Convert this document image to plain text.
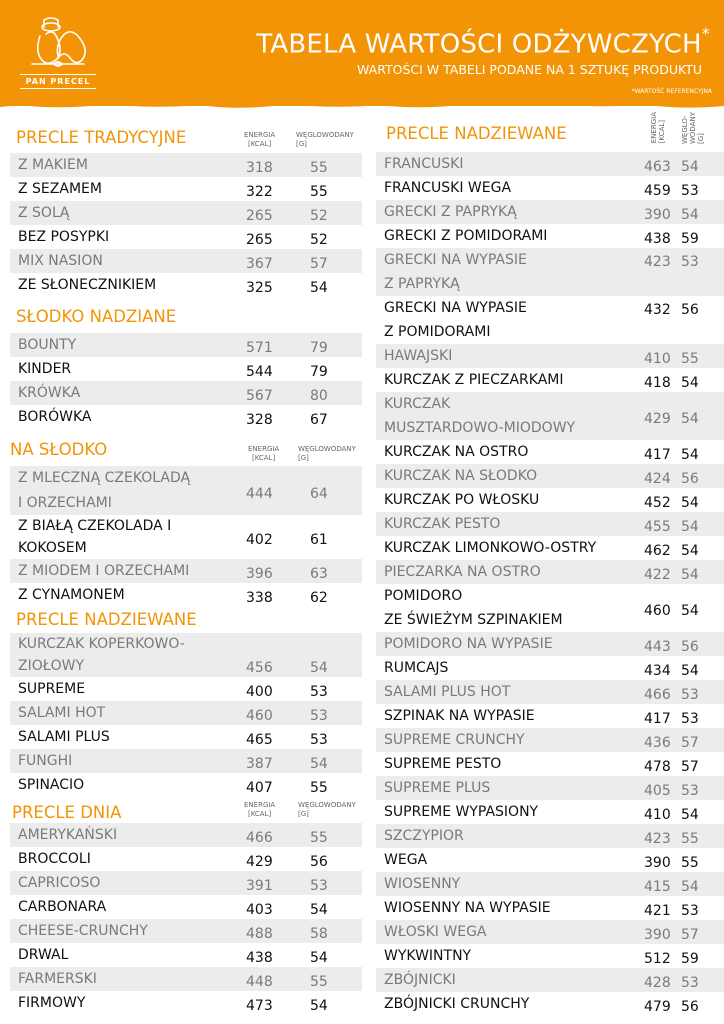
PAN PRECEL
TABELA WARTOŚCI ODŻYWCZYCH*
WARTOŚCI W TABELI PODANE NA 1 SZTUKĘ PRODUKTU
*WARTOŚĆ REFERENCYJNA
PRECLE TRADYCYJNE	ENERGIA
[KCAL]
WĘGLOWODANY
[G]
Z MAKIEM	318	55
Z SEZAMEM	322	55
Z SOLĄ	265	52
BEZ POSYPKI	265	52
MIX NASION	367	57
ZE SŁONECZNIKIEM	325	54
SŁODKO NADZIANE
BOUNTY	571	79
KINDER	544	79
KRÓWKA	567	80
BORÓWKA	328	67
NA SŁODKO	ENERGIA
[KCAL]
WĘGLOWODANY
[G]
Z MLECZNĄ CZEKOLADĄ
I ORZECHAMI
444	64
Z BIAŁĄ CZEKOLADA I
KOKOSEM	402	61
Z MIODEM I ORZECHAMI	396	63
Z CYNAMONEM	338	62
PRECLE NADZIEWANE
KURCZAK KOPERKOWO-
ZIOŁOWY	456	54
SUPREME	400	53
SALAMI HOT	460	53
SALAMI PLUS	465	53
FUNGHI	387	54
SPINACIO	407	55
PRECLE DNIA	ENERGIA
[KCAL]
WĘGLOWODANY
[G]
AMERYKAŃSKI	466	55
BROCCOLI	429	56
CAPRICOSO	391	53
CARBONARA	403	54
CHEESE-CRUNCHY	488	58
DRWAL	438	54
FARMERSKI	448	55
FIRMOWY	473	54
PRECLE NADZIEWANE	ENERGIA
[KCAL] WĘGLO-
WODANY
[G]
FRANCUSKI	463 54
FRANCUSKI WEGA	459 53
GRECKI Z PAPRYKĄ	390 54
GRECKI Z POMIDORAMI	438 59
GRECKI NA WYPASIE
Z PAPRYKĄ
423 53
GRECKI NA WYPASIE
Z POMIDORAMI
432 56
HAWAJSKI	410 55
KURCZAK Z PIECZARKAMI	418 54
KURCZAK
MUSZTARDOWO-MIODOWY
429 54
KURCZAK NA OSTRO	417 54
KURCZAK NA SŁODKO	424 56
KURCZAK PO WŁOSKU	452 54
KURCZAK PESTO	455 54
KURCZAK LIMONKOWO-OSTRY	462 54
PIECZARKA NA OSTRO	422 54
POMIDORO
ZE ŚWIEŻYM SZPINAKIEM
460 54
POMIDORO NA WYPASIE	443 56
RUMCAJS	434 54
SALAMI PLUS HOT	466 53
SZPINAK NA WYPASIE	417 53
SUPREME CRUNCHY	436 57
SUPREME PESTO	478 57
SUPREME PLUS	405 53
SUPREME WYPASIONY	410 54
SZCZYPIOR	423 55
WEGA	390 55
WIOSENNY	415 54
WIOSENNY NA WYPASIE	421 53
WŁOSKI WEGA	390 57
WYKWINTNY	512 59
ZBÓJNICKI	428 53
ZBÓJNICKI CRUNCHY	479 56
